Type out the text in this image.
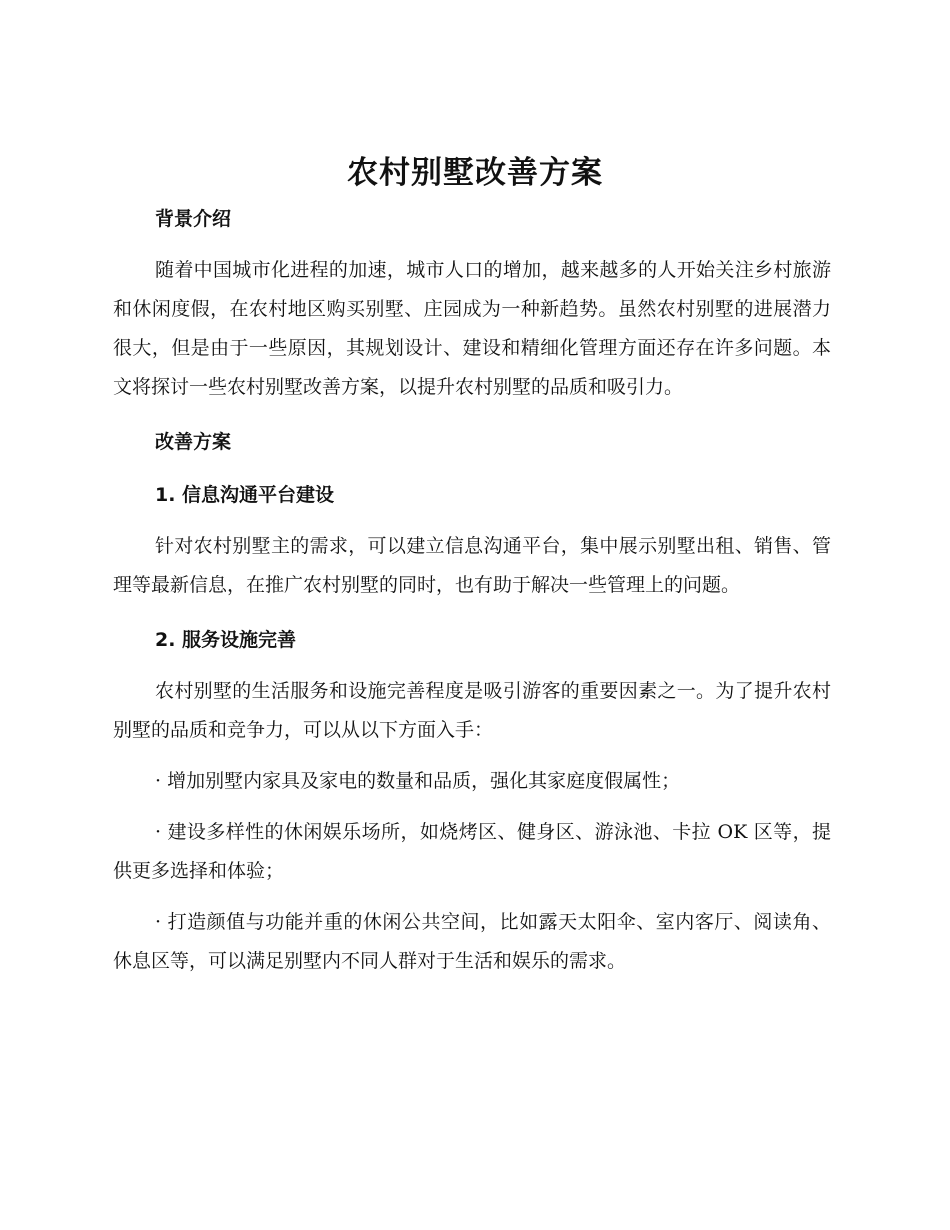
农村别墅改善方案
背景介绍

随着中国城市化进程的加速，城市人口的增加，越来越多的人开始关注乡村旅游和休闲度假，在农村地区购买别墅、庄园成为一种新趋势。虽然农村别墅的进展潜力很大，但是由于一些原因，其规划设计、建设和精细化管理方面还存在许多问题。本文将探讨一些农村别墅改善方案，以提升农村别墅的品质和吸引力。

改善方案
1. 信息沟通平台建设

针对农村别墅主的需求，可以建立信息沟通平台，集中展示别墅出租、销售、管理等最新信息，在推广农村别墅的同时，也有助于解决一些管理上的问题。

2. 服务设施完善

农村别墅的生活服务和设施完善程度是吸引游客的重要因素之一。为了提升农村别墅的品质和竞争力，可以从以下方面入手：

· 增加别墅内家具及家电的数量和品质，强化其家庭度假属性；

· 建设多样性的休闲娱乐场所，如烧烤区、健身区、游泳池、卡拉 OK 区等，提供更多选择和体验；

· 打造颜值与功能并重的休闲公共空间，比如露天太阳伞、室内客厅、阅读角、休息区等，可以满足别墅内不同人群对于生活和娱乐的需求。
